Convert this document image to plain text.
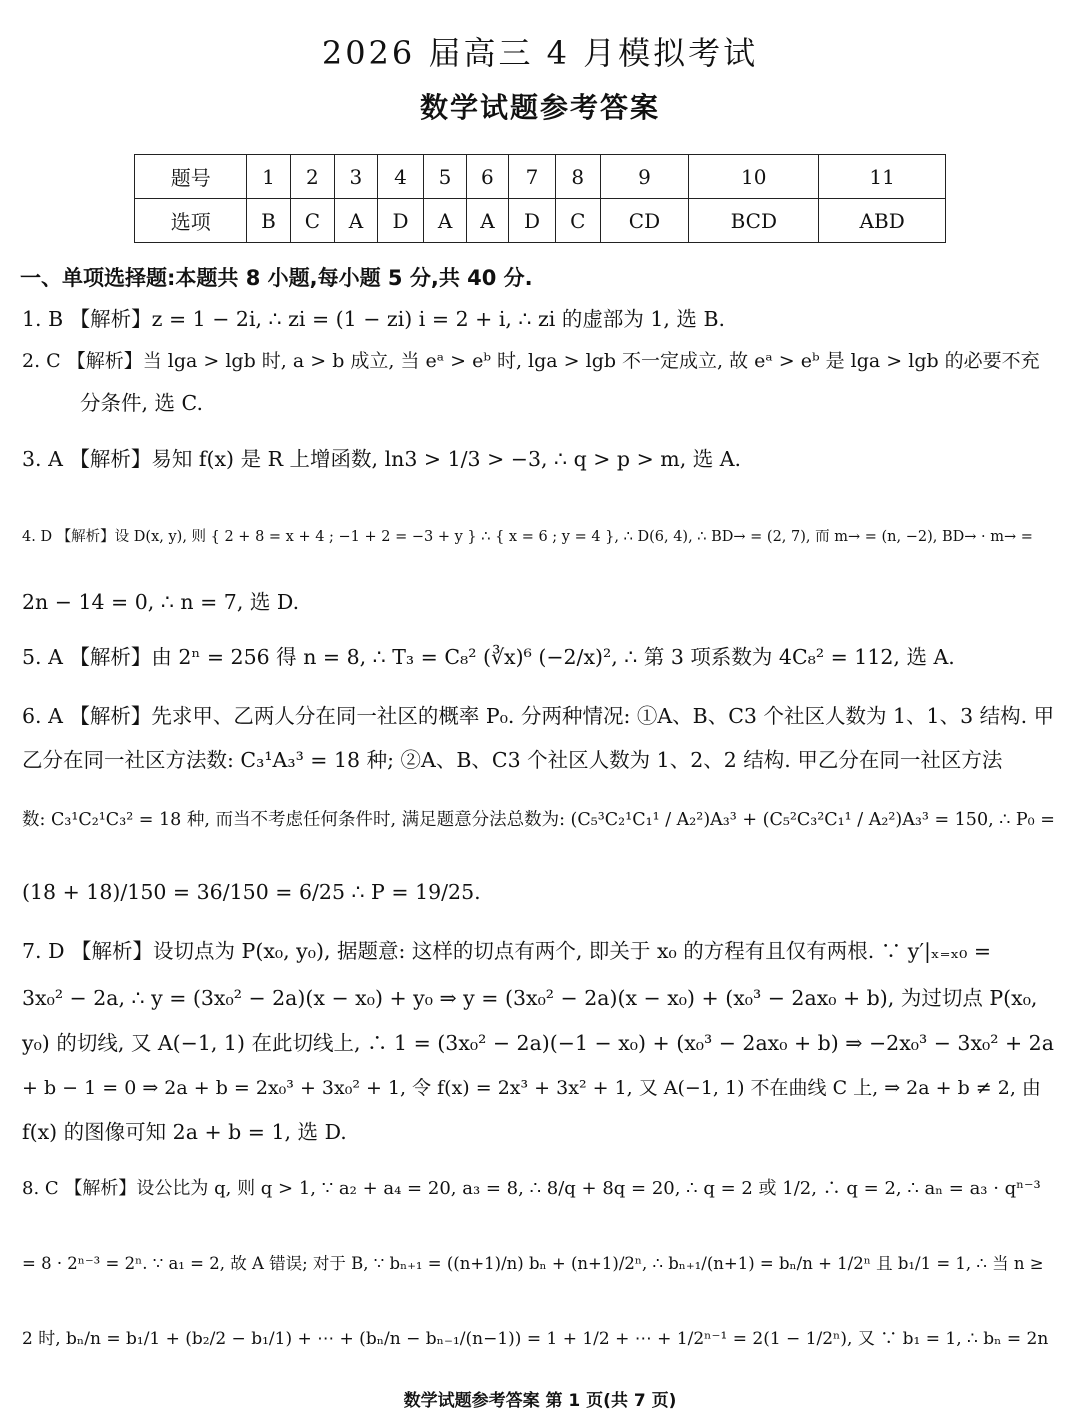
2026 届高三 4 月模拟考试
数学试题参考答案
题号	1	2	3	4	5	6	7	8	9	10	11
选项	B	C	A	D	A	A	D	C	CD	BCD	ABD
一、单项选择题:本题共 8 小题,每小题 5 分,共 40 分.
1. B 【解析】z = 1 − 2i, ∴ zi = (1 − zi) i = 2 + i, ∴ zi 的虚部为 1, 选 B.
2. C 【解析】当 lga > lgb 时, a > b 成立, 当 eᵃ > eᵇ 时, lga > lgb 不一定成立, 故 eᵃ > eᵇ 是 lga > lgb 的必要不充
分条件, 选 C.
3. A 【解析】易知 f(x) 是 R 上增函数, ln3 > 1/3 > −3, ∴ q > p > m, 选 A.
4. D 【解析】设 D(x, y), 则 { 2 + 8 = x + 4 ; −1 + 2 = −3 + y } ∴ { x = 6 ; y = 4 }, ∴ D(6, 4), ∴ BD→ = (2, 7), 而 m→ = (n, −2), BD→ · m→ =
2n − 14 = 0, ∴ n = 7, 选 D.
5. A 【解析】由 2ⁿ = 256 得 n = 8, ∴ T₃ = C₈² (∛x)⁶ (−2/x)², ∴ 第 3 项系数为 4C₈² = 112, 选 A.
6. A 【解析】先求甲、乙两人分在同一社区的概率 P₀. 分两种情况: ①A、B、C3 个社区人数为 1、1、3 结构. 甲
乙分在同一社区方法数: C₃¹A₃³ = 18 种; ②A、B、C3 个社区人数为 1、2、2 结构. 甲乙分在同一社区方法
数: C₃¹C₂¹C₃² = 18 种, 而当不考虑任何条件时, 满足题意分法总数为: (C₅³C₂¹C₁¹ / A₂²)A₃³ + (C₅²C₃²C₁¹ / A₂²)A₃³ = 150, ∴ P₀ =
(18 + 18)/150 = 36/150 = 6/25 ∴ P = 19/25.
7. D 【解析】设切点为 P(x₀, y₀), 据题意: 这样的切点有两个, 即关于 x₀ 的方程有且仅有两根. ∵ y′|ₓ₌ₓ₀ =
3x₀² − 2a, ∴ y = (3x₀² − 2a)(x − x₀) + y₀ ⇒ y = (3x₀² − 2a)(x − x₀) + (x₀³ − 2ax₀ + b), 为过切点 P(x₀,
y₀) 的切线, 又 A(−1, 1) 在此切线上, ∴ 1 = (3x₀² − 2a)(−1 − x₀) + (x₀³ − 2ax₀ + b) ⇒ −2x₀³ − 3x₀² + 2a
+ b − 1 = 0 ⇒ 2a + b = 2x₀³ + 3x₀² + 1, 令 f(x) = 2x³ + 3x² + 1, 又 A(−1, 1) 不在曲线 C 上, ⇒ 2a + b ≠ 2, 由
f(x) 的图像可知 2a + b = 1, 选 D.
8. C 【解析】设公比为 q, 则 q > 1, ∵ a₂ + a₄ = 20, a₃ = 8, ∴ 8/q + 8q = 20, ∴ q = 2 或 1/2, ∴ q = 2, ∴ aₙ = a₃ · qⁿ⁻³
= 8 · 2ⁿ⁻³ = 2ⁿ. ∵ a₁ = 2, 故 A 错误; 对于 B, ∵ bₙ₊₁ = ((n+1)/n) bₙ + (n+1)/2ⁿ, ∴ bₙ₊₁/(n+1) = bₙ/n + 1/2ⁿ 且 b₁/1 = 1, ∴ 当 n ≥
2 时, bₙ/n = b₁/1 + (b₂/2 − b₁/1) + ⋯ + (bₙ/n − bₙ₋₁/(n−1)) = 1 + 1/2 + ⋯ + 1/2ⁿ⁻¹ = 2(1 − 1/2ⁿ), 又 ∵ b₁ = 1, ∴ bₙ = 2n
数学试题参考答案 第 1 页(共 7 页)
